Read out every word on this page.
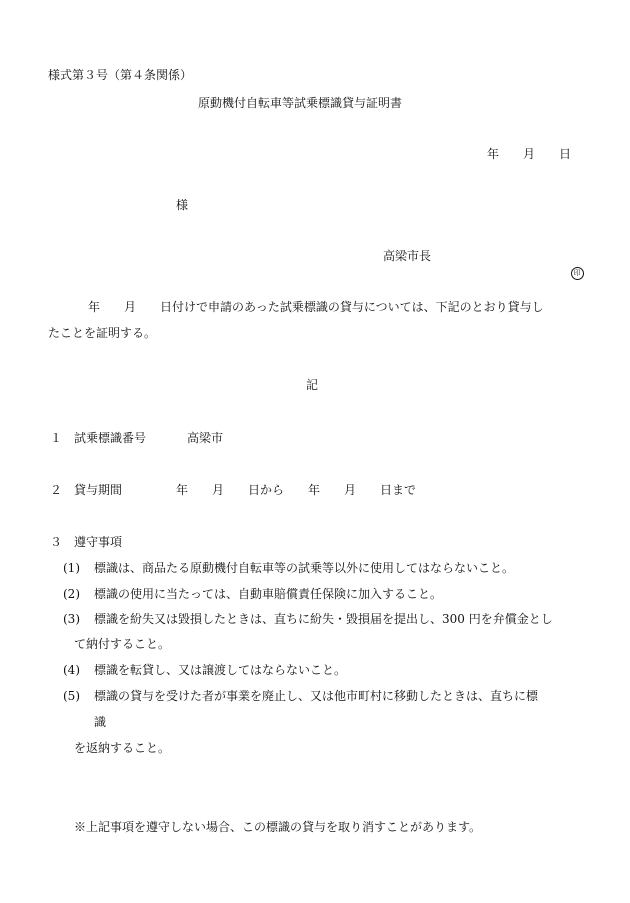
様式第３号（第４条関係）
原動機付自転車等試乗標識貸与証明書
年　　月　　日
様
高梁市長

印

年　　月　　日付けで申請のあった試乗標識の貸与については、下記のとおり貸与し
たことを証明する。
記
１ 試乗標識番号	高梁市
２ 貸与期間	年　　月　　日から　　年　　月　　日まで
３ 遵守事項
(1) 標識は、商品たる原動機付自転車等の試乗等以外に使用してはならないこと。
(2) 標識の使用に当たっては、自動車賠償責任保険に加入すること。
(3) 標識を紛失又は毀損したときは、直ちに紛失・毀損届を提出し、300 円を弁償金とし
て納付すること。
(4) 標識を転貸し、又は譲渡してはならないこと。
(5) 標識の貸与を受けた者が事業を廃止し、又は他市町村に移動したときは、直ちに標
識
を返納すること。
※上記事項を遵守しない場合、この標識の貸与を取り消すことがあります。
